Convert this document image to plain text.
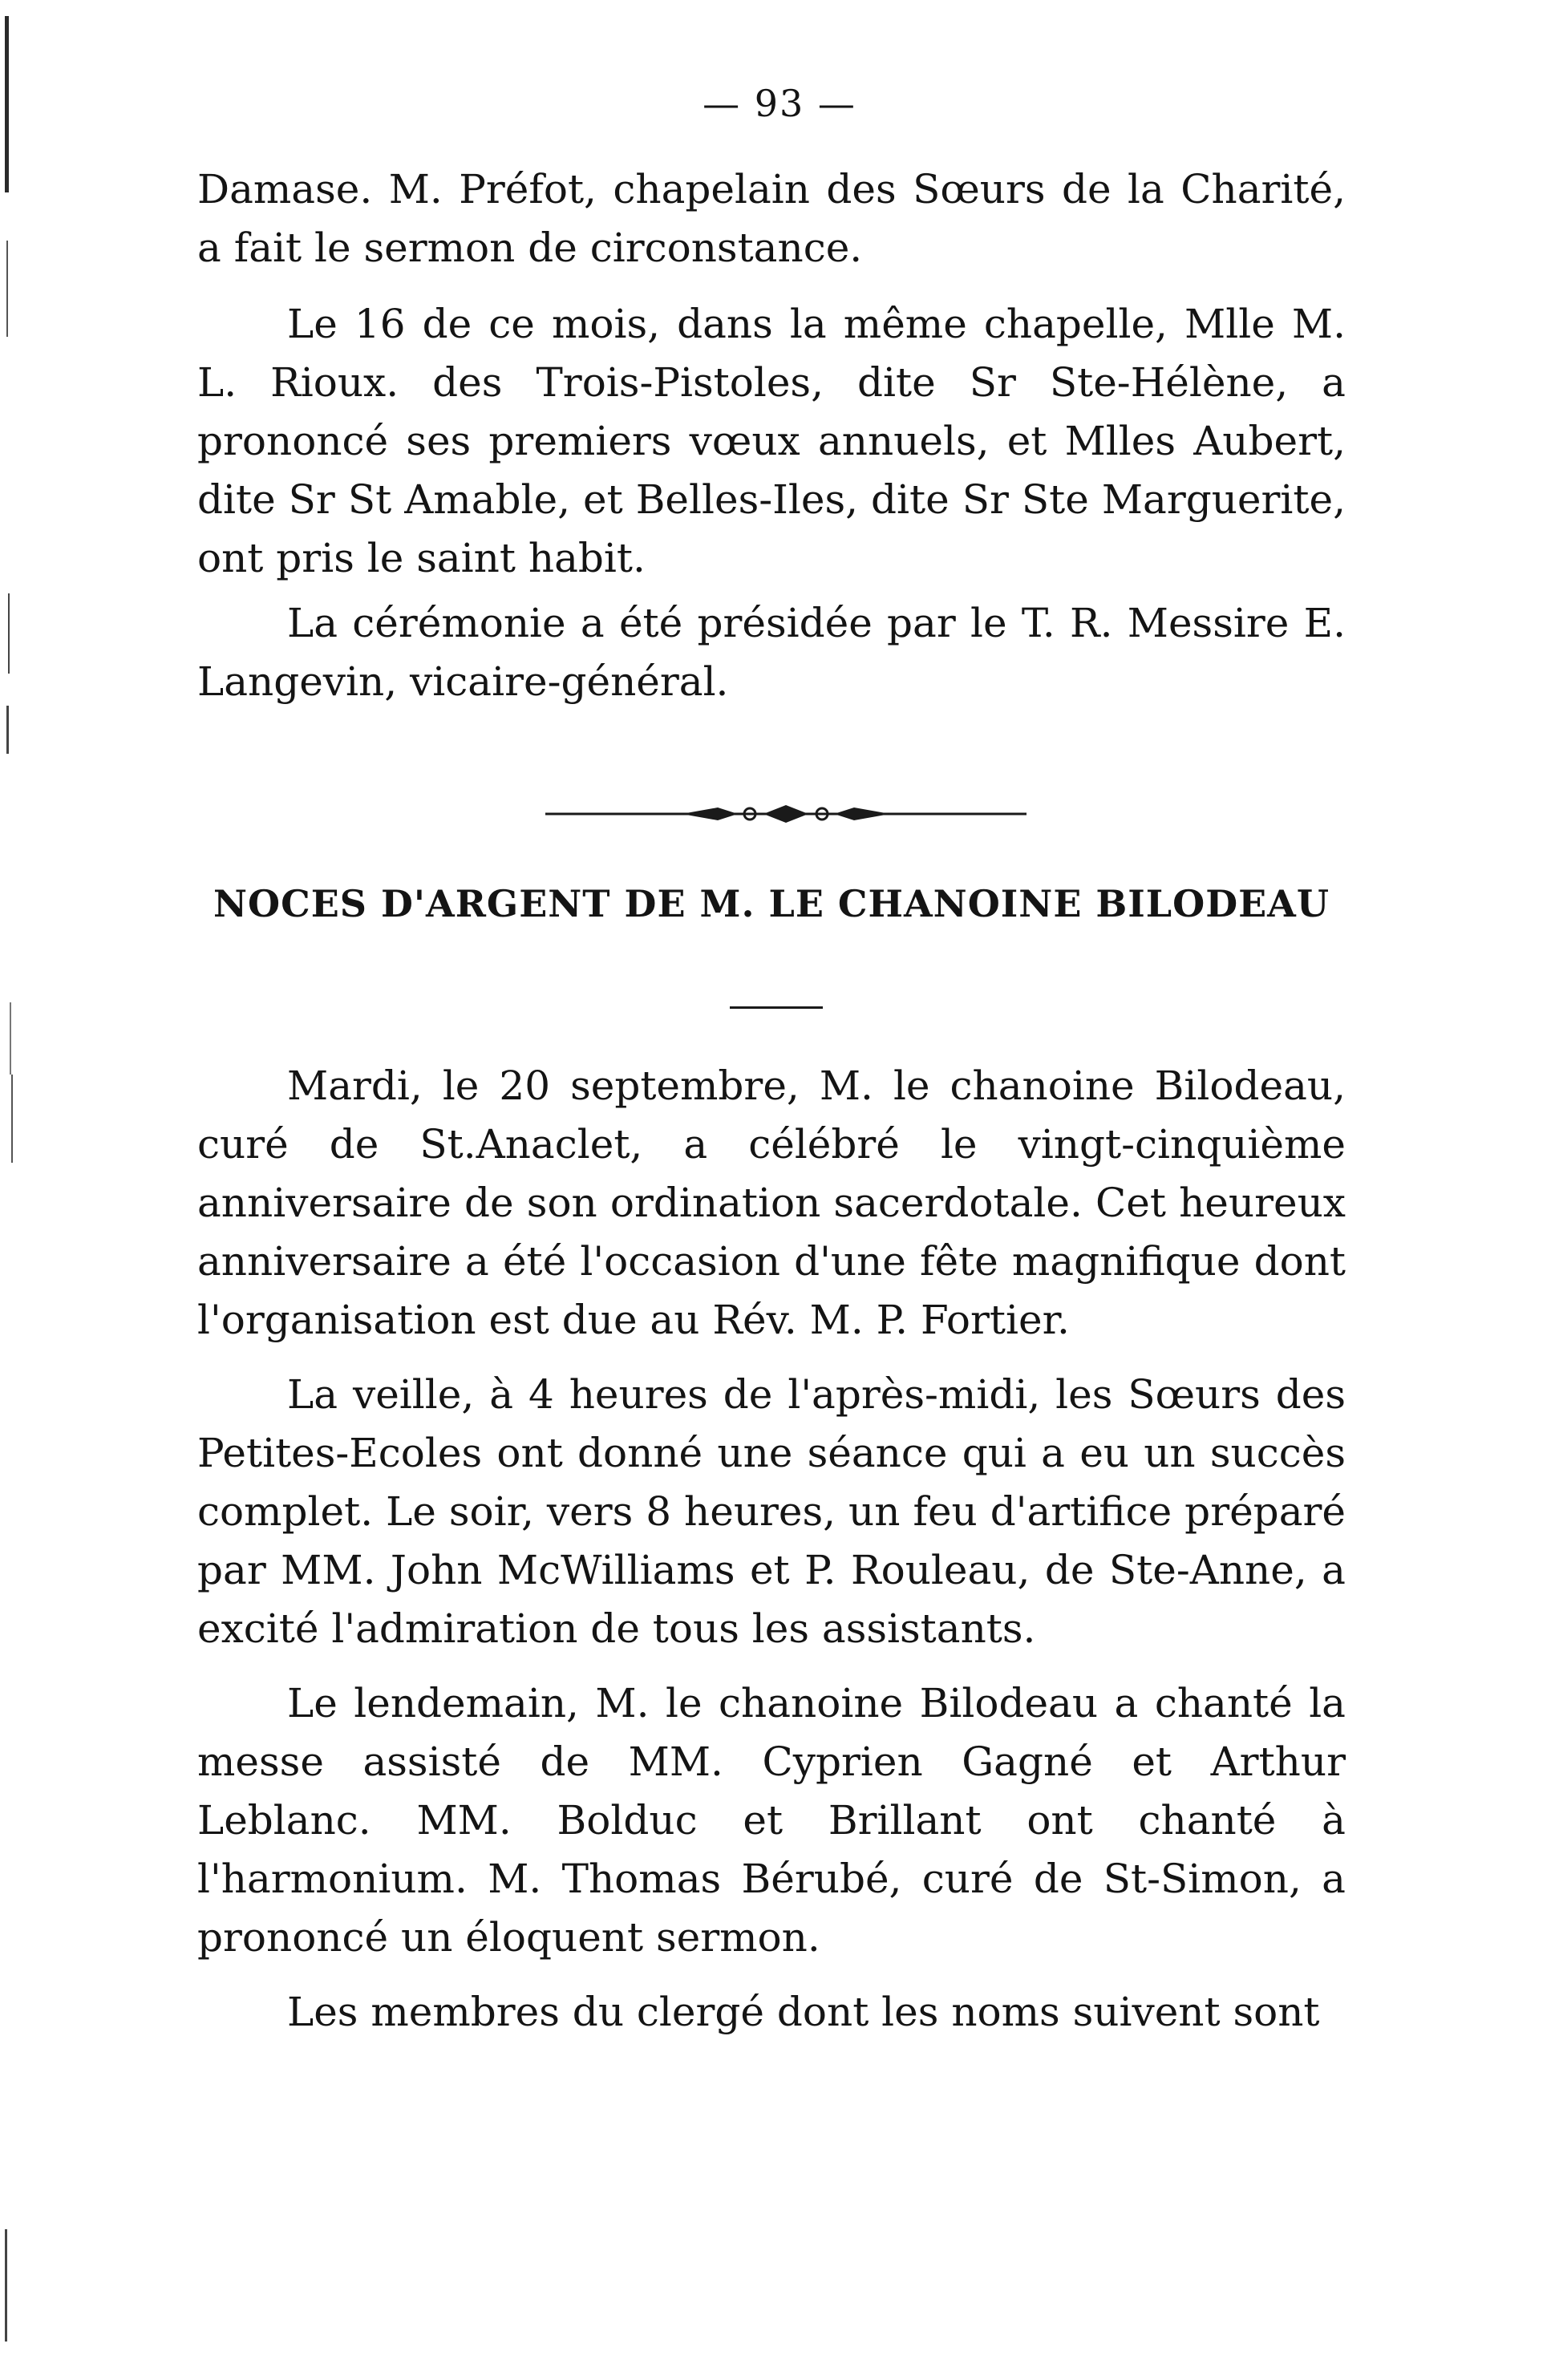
— 93 —

Damase. M. Préfot, chapelain des Sœurs de la Charité, a fait le sermon de circonstance.

Le 16 de ce mois, dans la même chapelle, Mlle M. L. Rioux. des Trois-Pistoles, dite Sr Ste-Hélène, a prononcé ses premiers vœux annuels, et Mlles Aubert, dite Sr St Amable, et Belles-Iles, dite Sr Ste Marguerite, ont pris le saint habit.

La cérémonie a été présidée par le T. R. Messire E. Langevin, vicaire-général.

NOCES D'ARGENT DE M. LE CHANOINE BILODEAU

Mardi, le 20 septembre, M. le chanoine Bilodeau, curé de St.Anaclet, a célébré le vingt-cinquième anniversaire de son ordination sacerdotale. Cet heureux anniversaire a été l'occasion d'une fête magnifique dont l'organisation est due au Rév. M. P. Fortier.

La veille, à 4 heures de l'après-midi, les Sœurs des Petites-Ecoles ont donné une séance qui a eu un succès complet. Le soir, vers 8 heures, un feu d'artifice préparé par MM. John McWilliams et P. Rouleau, de Ste-Anne, a excité l'admiration de tous les assistants.

Le lendemain, M. le chanoine Bilodeau a chanté la messe assisté de MM. Cyprien Gagné et Arthur Leblanc. MM. Bolduc et Brillant ont chanté à l'harmonium. M. Thomas Bérubé, curé de St-Simon, a prononcé un éloquent sermon.

Les membres du clergé dont les noms suivent sont
